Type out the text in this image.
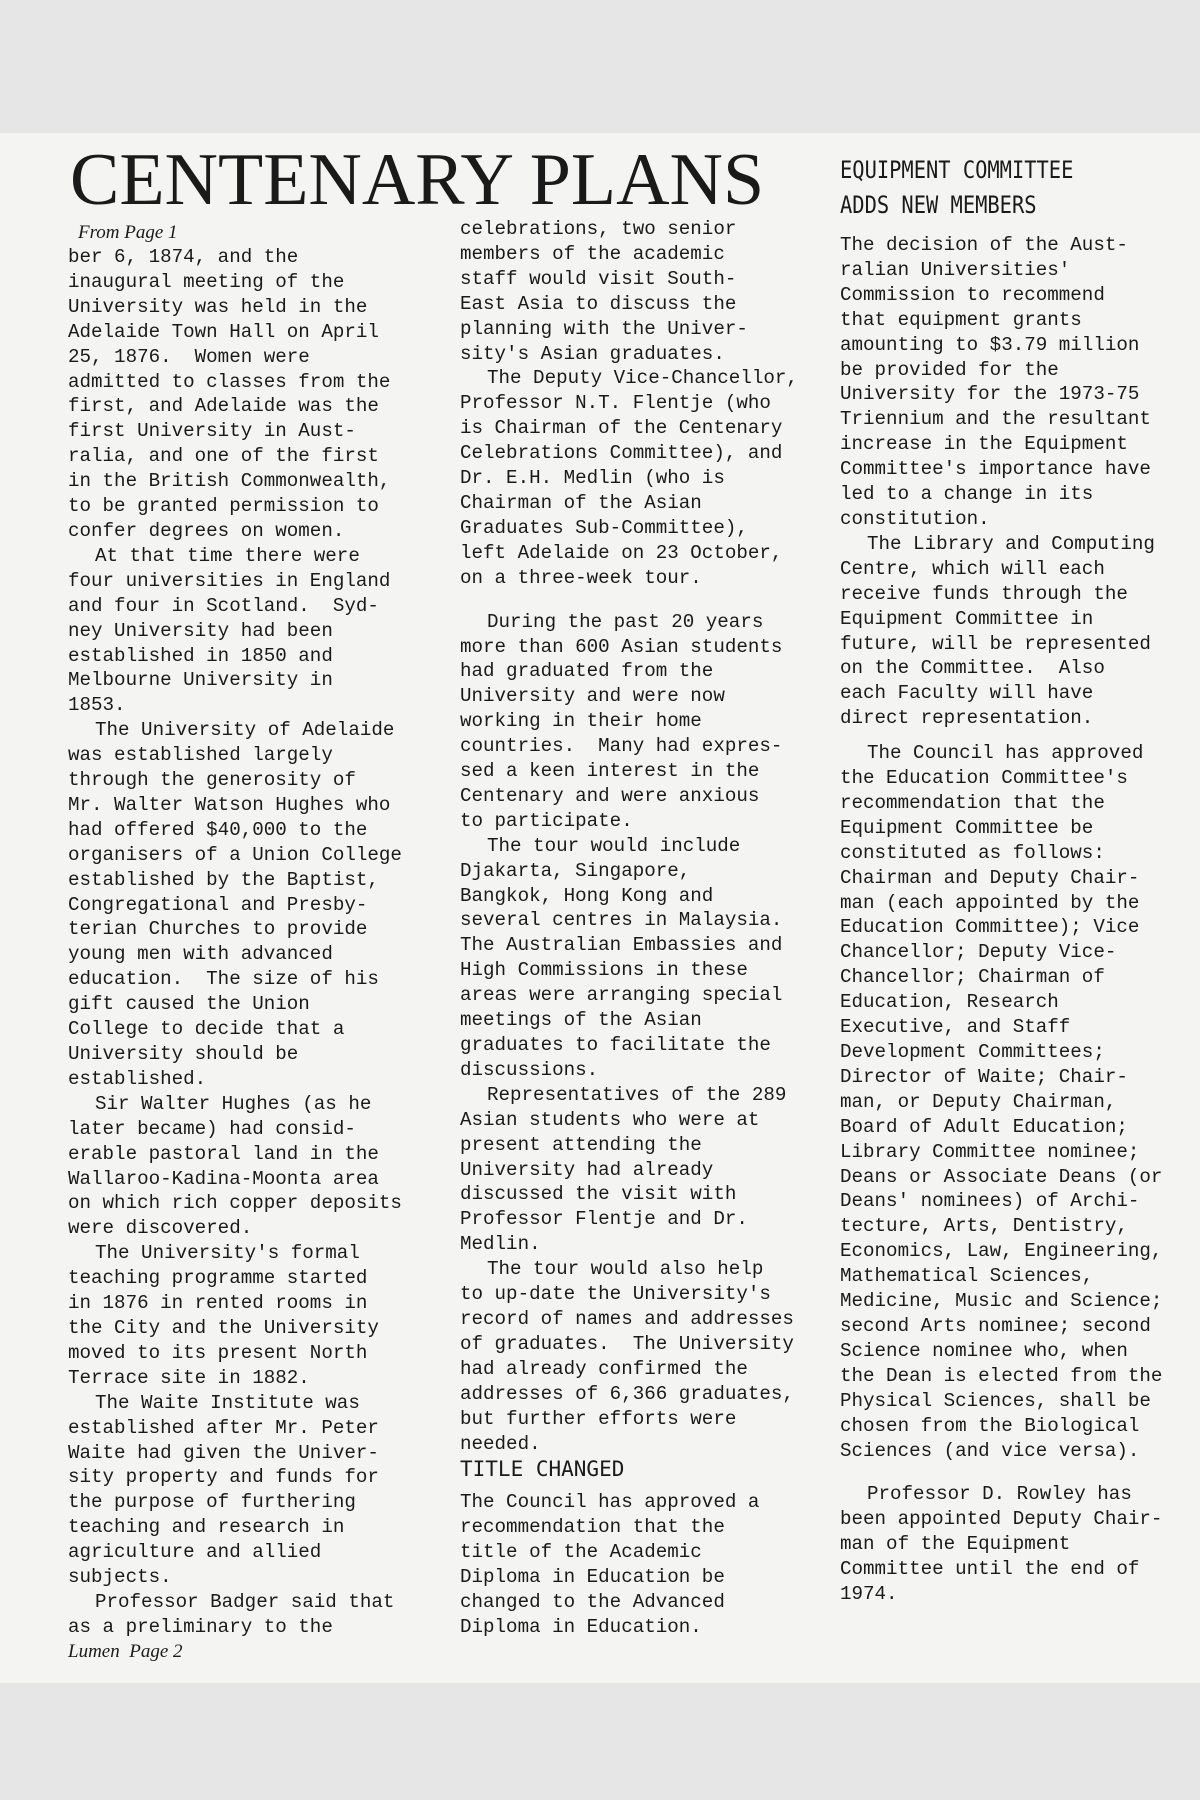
CENTENARY PLANS

From Page 1

ber 6, 1874, and the

inaugural meeting of the

University was held in the

Adelaide Town Hall on April

25, 1876.  Women were

admitted to classes from the

first, and Adelaide was the

first University in Aust-

ralia, and one of the first

in the British Commonwealth,

to be granted permission to

confer degrees on women.

At that time there were

four universities in England

and four in Scotland.  Syd-

ney University had been

established in 1850 and

Melbourne University in

1853.

The University of Adelaide

was established largely

through the generosity of

Mr. Walter Watson Hughes who

had offered $40,000 to the

organisers of a Union College

established by the Baptist,

Congregational and Presby-

terian Churches to provide

young men with advanced

education.  The size of his

gift caused the Union

College to decide that a

University should be

established.

Sir Walter Hughes (as he

later became) had consid-

erable pastoral land in the

Wallaroo-Kadina-Moonta area

on which rich copper deposits

were discovered.

The University's formal

teaching programme started

in 1876 in rented rooms in

the City and the University

moved to its present North

Terrace site in 1882.

The Waite Institute was

established after Mr. Peter

Waite had given the Univer-

sity property and funds for

the purpose of furthering

teaching and research in

agriculture and allied

subjects.

Professor Badger said that

as a preliminary to the

Lumen  Page 2

celebrations, two senior

members of the academic

staff would visit South-

East Asia to discuss the

planning with the Univer-

sity's Asian graduates.

The Deputy Vice-Chancellor,

Professor N.T. Flentje (who

is Chairman of the Centenary

Celebrations Committee), and

Dr. E.H. Medlin (who is

Chairman of the Asian

Graduates Sub-Committee),

left Adelaide on 23 October,

on a three-week tour.

During the past 20 years

more than 600 Asian students

had graduated from the

University and were now

working in their home

countries.  Many had expres-

sed a keen interest in the

Centenary and were anxious

to participate.

The tour would include

Djakarta, Singapore,

Bangkok, Hong Kong and

several centres in Malaysia.

The Australian Embassies and

High Commissions in these

areas were arranging special

meetings of the Asian

graduates to facilitate the

discussions.

Representatives of the 289

Asian students who were at

present attending the

University had already

discussed the visit with

Professor Flentje and Dr.

Medlin.

The tour would also help

to up-date the University's

record of names and addresses

of graduates.  The University

had already confirmed the

addresses of 6,366 graduates,

but further efforts were

needed.

TITLE CHANGED

The Council has approved a

recommendation that the

title of the Academic

Diploma in Education be

changed to the Advanced

Diploma in Education.

EQUIPMENT COMMITTEE
ADDS NEW MEMBERS

The decision of the Aust-

ralian Universities'

Commission to recommend

that equipment grants

amounting to $3.79 million

be provided for the

University for the 1973-75

Triennium and the resultant

increase in the Equipment

Committee's importance have

led to a change in its

constitution.

The Library and Computing

Centre, which will each

receive funds through the

Equipment Committee in

future, will be represented

on the Committee.  Also

each Faculty will have

direct representation.

The Council has approved

the Education Committee's

recommendation that the

Equipment Committee be

constituted as follows:

Chairman and Deputy Chair-

man (each appointed by the

Education Committee); Vice

Chancellor; Deputy Vice-

Chancellor; Chairman of

Education, Research

Executive, and Staff

Development Committees;

Director of Waite; Chair-

man, or Deputy Chairman,

Board of Adult Education;

Library Committee nominee;

Deans or Associate Deans (or

Deans' nominees) of Archi-

tecture, Arts, Dentistry,

Economics, Law, Engineering,

Mathematical Sciences,

Medicine, Music and Science;

second Arts nominee; second

Science nominee who, when

the Dean is elected from the

Physical Sciences, shall be

chosen from the Biological

Sciences (and vice versa).

Professor D. Rowley has

been appointed Deputy Chair-

man of the Equipment

Committee until the end of

1974.
